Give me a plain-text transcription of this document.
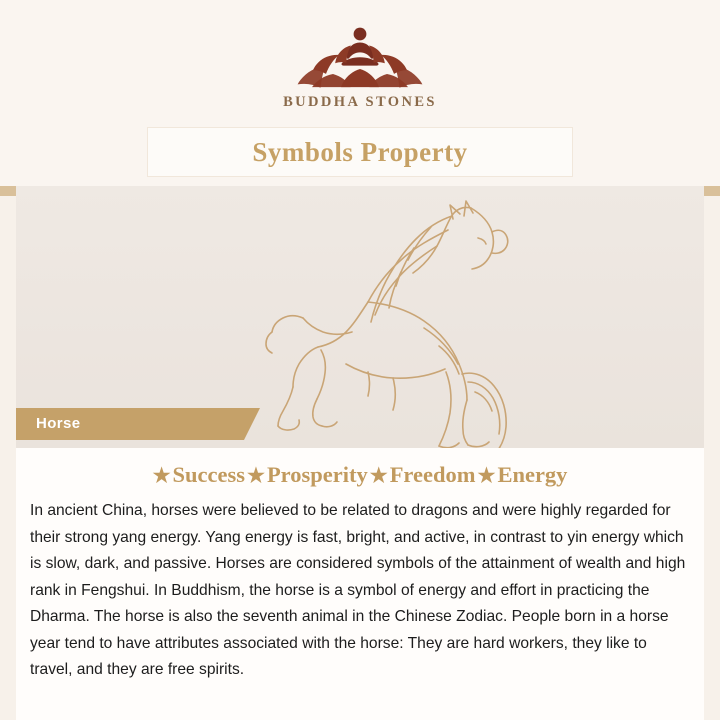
BUDDHA STONES
Symbols Property
Horse
★Success ★Prosperity ★Freedom ★Energy

In ancient China, horses were believed to be related to dragons and were highly regarded for their strong yang energy. Yang energy is fast, bright, and active, in contrast to yin energy which is slow, dark, and passive. Horses are considered symbols of the attainment of wealth and high rank in Fengshui. In Buddhism, the horse is a symbol of energy and effort in practicing the Dharma. The horse is also the seventh animal in the Chinese Zodiac. People born in a horse year tend to have attributes associated with the horse: They are hard workers, they like to travel, and they are free spirits.
